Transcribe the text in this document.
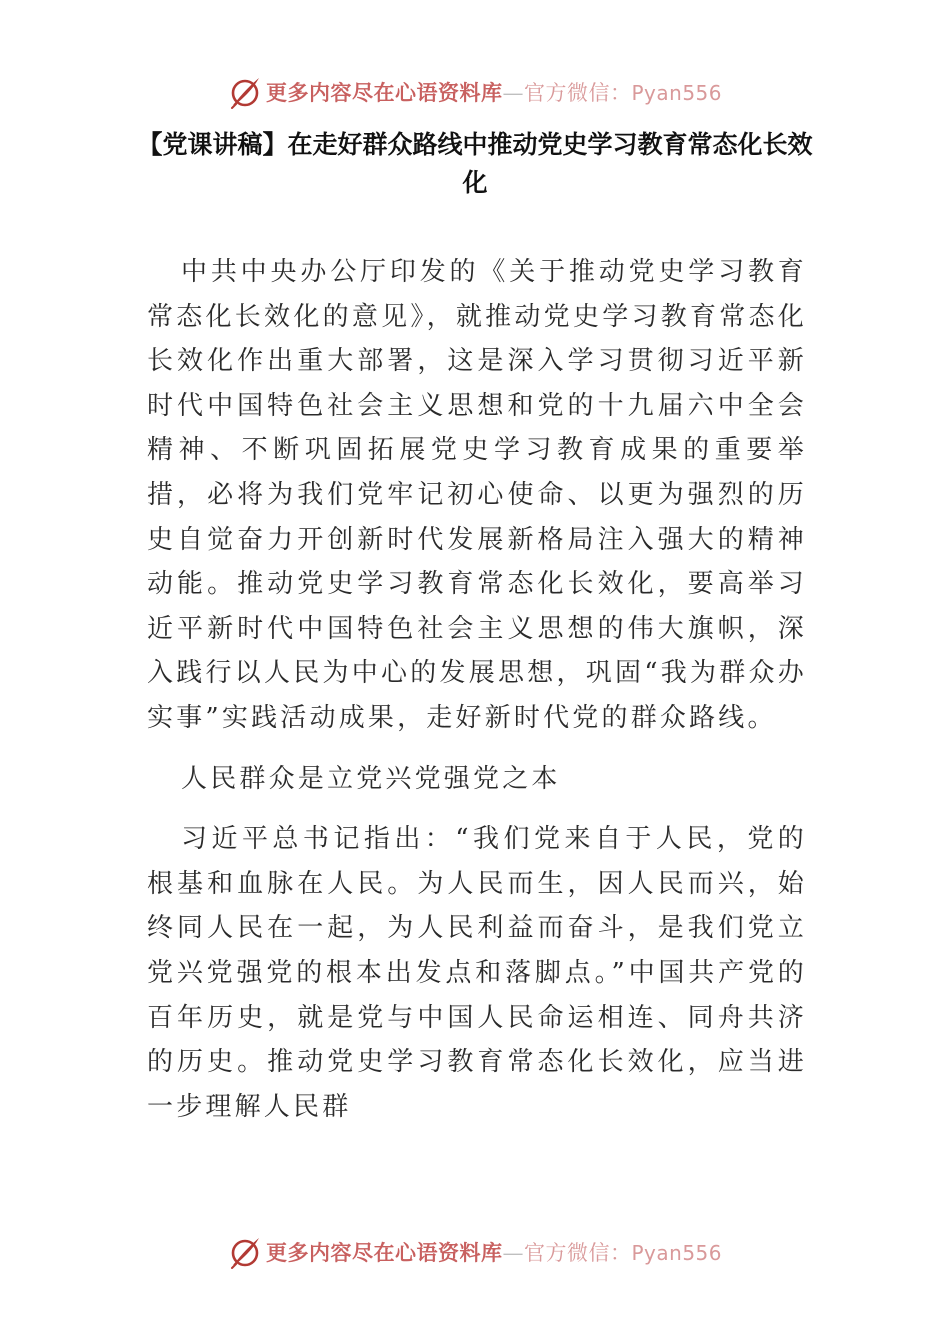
更多内容尽在心语资料库—官方微信：Pyan556
【党课讲稿】在走好群众路线中推动党史学习教育常态化长效化

中共中央办公厅印发的《关于推动党史学习教育常态化长效化的意见》，就推动党史学习教育常态化长效化作出重大部署，这是深入学习贯彻习近平新时代中国特色社会主义思想和党的十九届六中全会精神、不断巩固拓展党史学习教育成果的重要举措，必将为我们党牢记初心使命、以更为强烈的历史自觉奋力开创新时代发展新格局注入强大的精神动能。推动党史学习教育常态化长效化，要高举习近平新时代中国特色社会主义思想的伟大旗帜，深入践行以人民为中心的发展思想，巩固“我为群众办实事”实践活动成果，走好新时代党的群众路线。

人民群众是立党兴党强党之本

习近平总书记指出：“我们党来自于人民，党的根基和血脉在人民。为人民而生，因人民而兴，始终同人民在一起，为人民利益而奋斗，是我们党立党兴党强党的根本出发点和落脚点。”中国共产党的百年历史，就是党与中国人民命运相连、同舟共济的历史。推动党史学习教育常态化长效化，应当进一步理解人民群

更多内容尽在心语资料库—官方微信：Pyan556
